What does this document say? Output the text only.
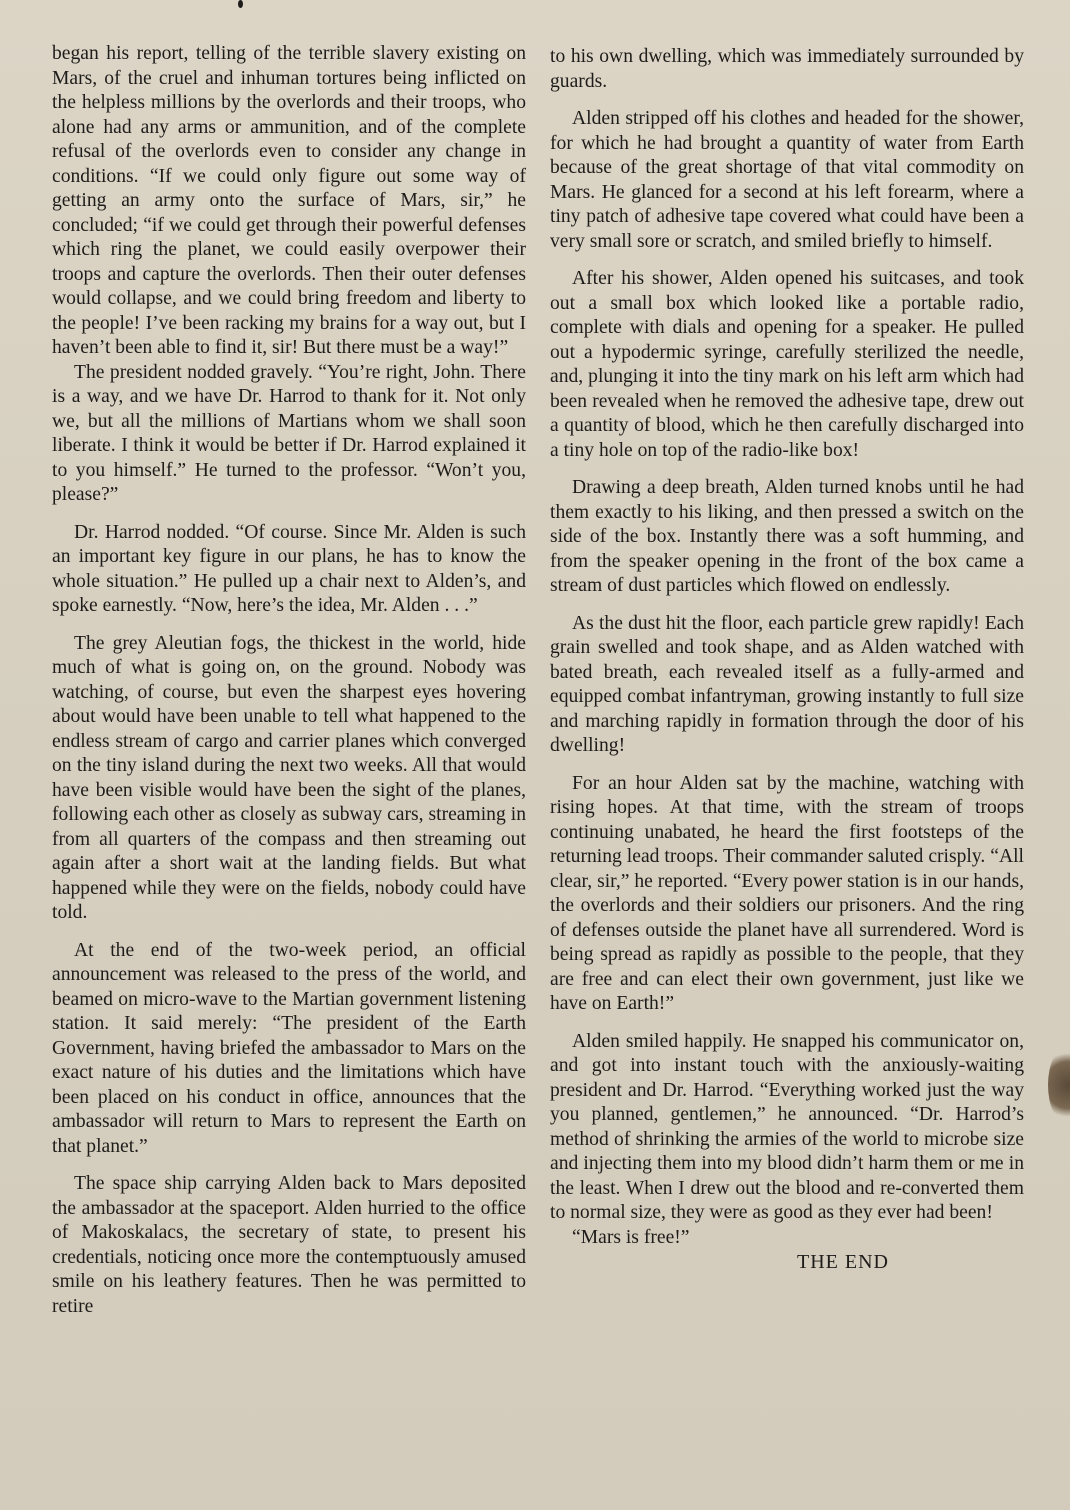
began his report, telling of the terrible slavery existing on Mars, of the cruel and inhuman tortures being inflicted on the helpless millions by the overlords and their troops, who alone had any arms or ammunition, and of the complete refusal of the overlords even to consider any change in conditions. “If we could only figure out some way of getting an army onto the surface of Mars, sir,” he concluded; “if we could get through their powerful defenses which ring the planet, we could easily overpower their troops and capture the overlords. Then their outer defenses would collapse, and we could bring freedom and liberty to the people! I’ve been racking my brains for a way out, but I haven’t been able to find it, sir! But there must be a way!”

The president nodded gravely. “You’re right, John. There is a way, and we have Dr. Harrod to thank for it. Not only we, but all the millions of Martians whom we shall soon liberate. I think it would be better if Dr. Harrod explained it to you himself.” He turned to the professor. “Won’t you, please?”

Dr. Harrod nodded. “Of course. Since Mr. Alden is such an important key figure in our plans, he has to know the whole situation.” He pulled up a chair next to Alden’s, and spoke earnestly. “Now, here’s the idea, Mr. Alden . . .”

The grey Aleutian fogs, the thickest in the world, hide much of what is going on, on the ground. Nobody was watching, of course, but even the sharpest eyes hovering about would have been unable to tell what happened to the endless stream of cargo and carrier planes which converged on the tiny island during the next two weeks. All that would have been visible would have been the sight of the planes, following each other as closely as subway cars, streaming in from all quarters of the compass and then streaming out again after a short wait at the landing fields. But what happened while they were on the fields, nobody could have told.

At the end of the two-week period, an official announcement was released to the press of the world, and beamed on micro-wave to the Martian government listening station. It said merely: “The president of the Earth Government, having briefed the ambassador to Mars on the exact nature of his duties and the limitations which have been placed on his conduct in office, announces that the ambassador will return to Mars to represent the Earth on that planet.”

The space ship carrying Alden back to Mars deposited the ambassador at the spaceport. Alden hurried to the office of Makoskalacs, the secretary of state, to present his credentials, noticing once more the contemptuously amused smile on his leathery features. Then he was permitted to retire

to his own dwelling, which was immediately surrounded by guards.

Alden stripped off his clothes and headed for the shower, for which he had brought a quantity of water from Earth because of the great shortage of that vital commodity on Mars. He glanced for a second at his left forearm, where a tiny patch of adhesive tape covered what could have been a very small sore or scratch, and smiled briefly to himself.

After his shower, Alden opened his suitcases, and took out a small box which looked like a portable radio, complete with dials and opening for a speaker. He pulled out a hypodermic syringe, carefully sterilized the needle, and, plunging it into the tiny mark on his left arm which had been revealed when he removed the adhesive tape, drew out a quantity of blood, which he then carefully discharged into a tiny hole on top of the radio-like box!

Drawing a deep breath, Alden turned knobs until he had them exactly to his liking, and then pressed a switch on the side of the box. Instantly there was a soft humming, and from the speaker opening in the front of the box came a stream of dust particles which flowed on endlessly.

As the dust hit the floor, each particle grew rapidly! Each grain swelled and took shape, and as Alden watched with bated breath, each revealed itself as a fully-armed and equipped combat infantryman, growing instantly to full size and marching rapidly in formation through the door of his dwelling!

For an hour Alden sat by the machine, watching with rising hopes. At that time, with the stream of troops continuing unabated, he heard the first footsteps of the returning lead troops. Their commander saluted crisply. “All clear, sir,” he reported. “Every power station is in our hands, the overlords and their soldiers our prisoners. And the ring of defenses outside the planet have all surrendered. Word is being spread as rapidly as possible to the people, that they are free and can elect their own government, just like we have on Earth!”

Alden smiled happily. He snapped his communicator on, and got into instant touch with the anxiously-waiting president and Dr. Harrod. “Everything worked just the way you planned, gentlemen,” he announced. “Dr. Harrod’s method of shrinking the armies of the world to microbe size and injecting them into my blood didn’t harm them or me in the least. When I drew out the blood and re-converted them to normal size, they were as good as they ever had been!

“Mars is free!”

THE END
